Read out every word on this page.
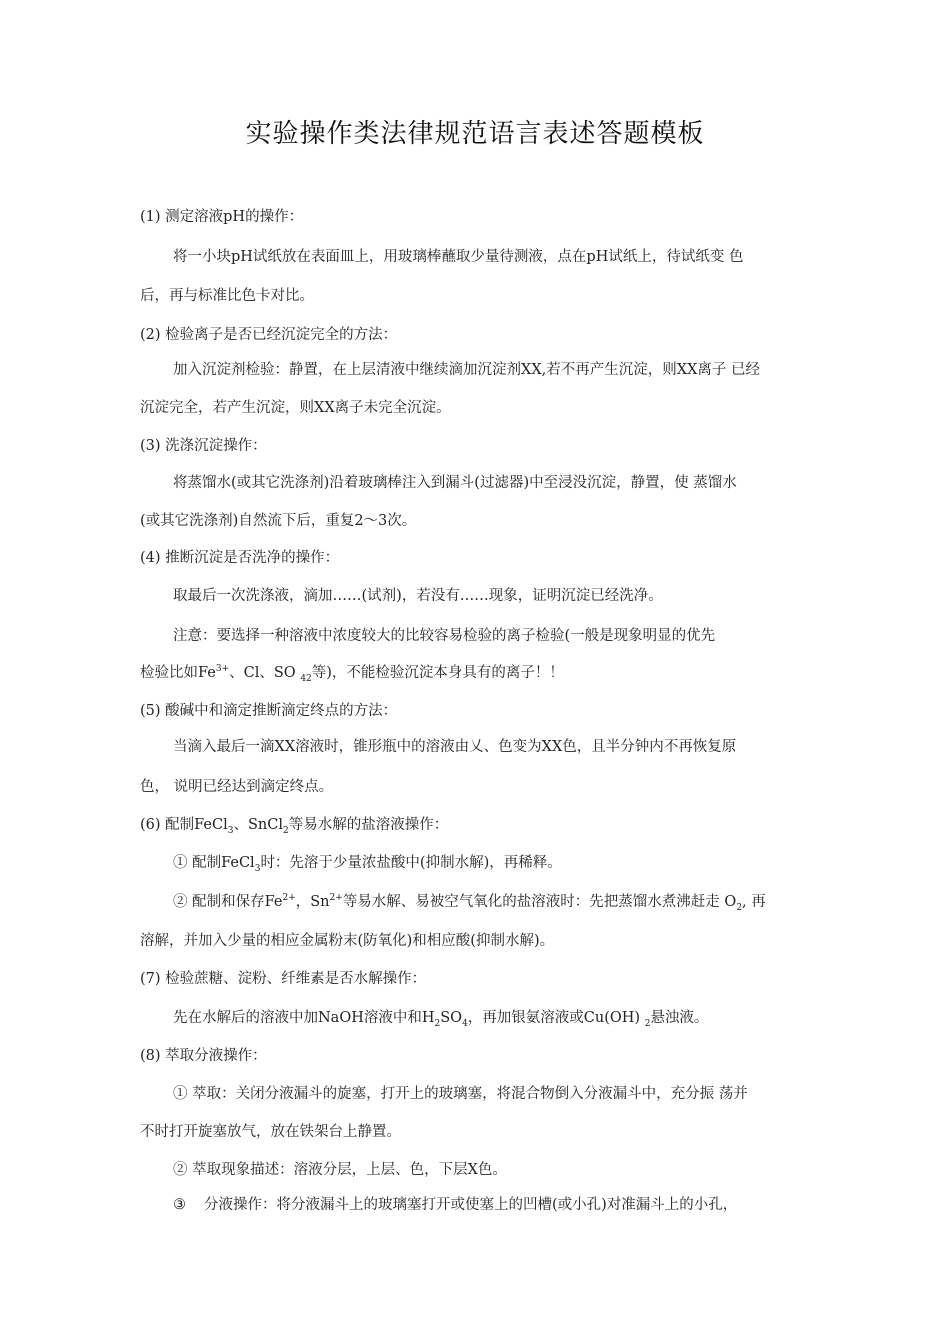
实验操作类法律规范语言表述答题模板
(1) 测定溶液pH的操作：
将一小块pH试纸放在表面皿上，用玻璃棒蘸取少量待测液，点在pH试纸上，待试纸变 色
后，再与标准比色卡对比。
(2) 检验离子是否已经沉淀完全的方法：
加入沉淀剂检验：静置，在上层清液中继续滴加沉淀剂XX,若不再产生沉淀，则XX离子 已经
沉淀完全，若产生沉淀，则XX离子未完全沉淀。
(3) 洗涤沉淀操作：
将蒸馏水(或其它洗涤剂)沿着玻璃棒注入到漏斗(过滤器)中至浸没沉淀，静置，使 蒸馏水
(或其它洗涤剂)自然流下后，重复2〜3次。
(4) 推断沉淀是否洗净的操作：
取最后一次洗涤液，滴加……(试剂)，若没有……现象，证明沉淀已经洗净。
注意：要选择一种溶液中浓度较大的比较容易检验的离子检验(一般是现象明显的优先
检验比如$Fe^{3+}$、Cl、SO $_{42}$等)，不能检验沉淀本身具有的离子！！
(5) 酸碱中和滴定推断滴定终点的方法：
当滴入最后一滴XX溶液时，锥形瓶中的溶液由乂、色变为XX色，且半分钟内不再恢复原
色， 说明已经达到滴定终点。
(6) 配制FeCl$_3$、SnCl$_2$等易水解的盐溶液操作：
① 配制FeCl$_3$时：先溶于少量浓盐酸中(抑制水解)，再稀释。
② 配制和保存$Fe^{2+}$，$Sn^{2+}$等易水解、易被空气氧化的盐溶液时：先把蒸馏水煮沸赶走 $O_2$, 再
溶解，并加入少量的相应金属粉末(防氧化)和相应酸(抑制水解)。
(7) 检验蔗糖、淀粉、纤维素是否水解操作：
先在水解后的溶液中加NaOH溶液中和$H_2SO_4$，再加银氨溶液或Cu(OH) $_2$悬浊液。
(8) 萃取分液操作：
① 萃取：关闭分液漏斗的旋塞，打开上的玻璃塞，将混合物倒入分液漏斗中，充分振 荡并
不时打开旋塞放气，放在铁架台上静置。
② 萃取现象描述：溶液分层，上层、色，下层X色。
③ 分液操作：将分液漏斗上的玻璃塞打开或使塞上的凹槽(或小孔)对准漏斗上的小孔，
